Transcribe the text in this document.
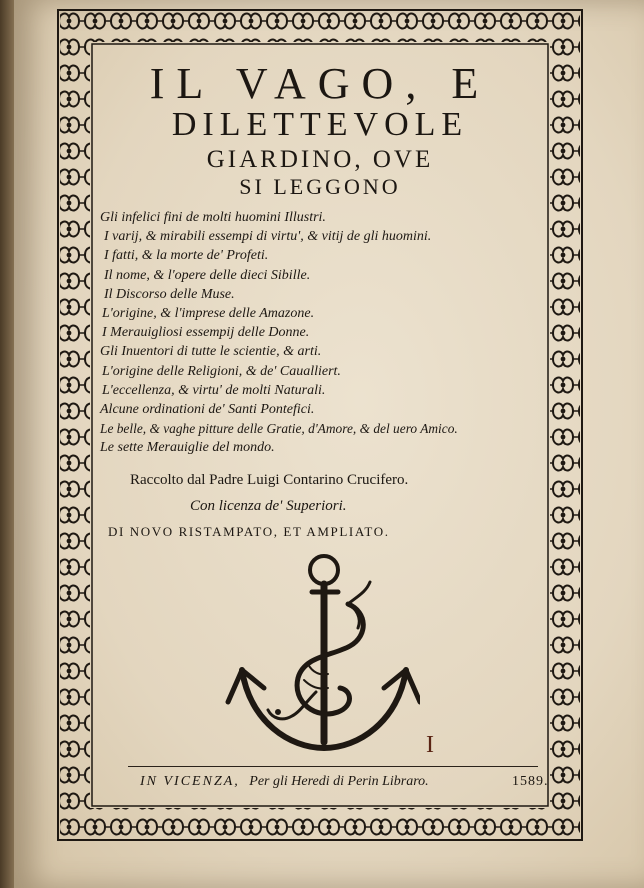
IL VAGO, E
DILETTEVOLE
GIARDINO, OVE
SI LEGGONO
Gli infelici fini de molti huomini Illustri.
I varij, & mirabili essempi di virtu', & vitij de gli huomini.
I fatti, & la morte de' Profeti.
Il nome, & l'opere delle dieci Sibille.
Il Discorso delle Muse.
L'origine, & l'imprese delle Amazone.
I Merauigliosi essempij delle Donne.
Gli Inuentori di tutte le scientie, & arti.
L'origine delle Religioni, & de' Caualliert.
L'eccellenza, & virtu' de molti Naturali.
Alcune ordinationi de' Santi Pontefici.
Le belle, & vaghe pitture delle Gratie, d'Amore, & del uero Amico.
Le sette Merauiglie del mondo.
Raccolto dal Padre Luigi Contarino Crucifero.
Con licenza de' Superiori.
DI NOVO RISTAMPATO, ET AMPLIATO.
I
IN VICENZA, Per gli Heredi di Perin Libraro.	1589.
